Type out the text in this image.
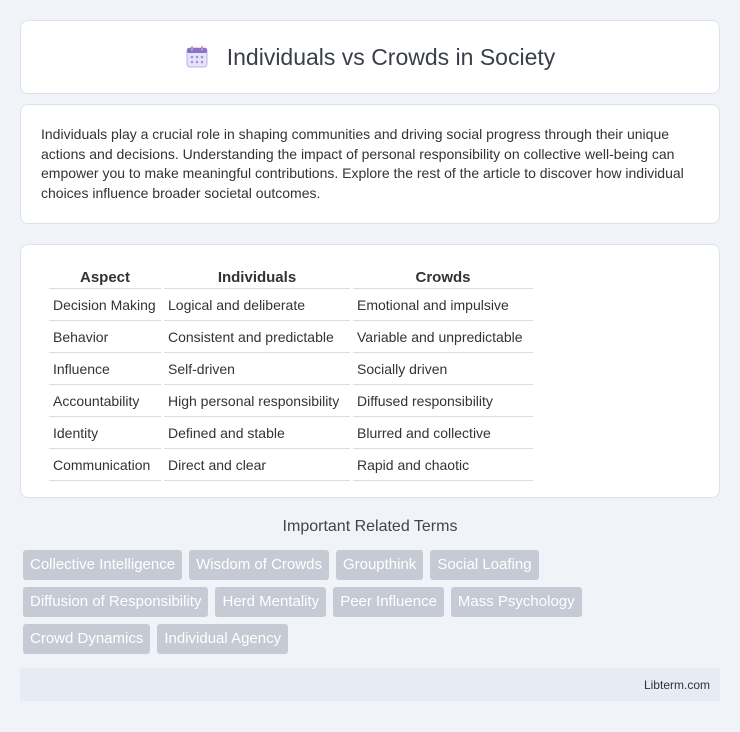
Individuals vs Crowds in Society

Individuals play a crucial role in shaping communities and driving social progress through their unique actions and decisions. Understanding the impact of personal responsibility on collective well-being can empower you to make meaningful contributions. Explore the rest of the article to discover how individual choices influence broader societal outcomes.

Aspect	Individuals	Crowds
Decision Making	Logical and deliberate	Emotional and impulsive
Behavior	Consistent and predictable	Variable and unpredictable
Influence	Self-driven	Socially driven
Accountability	High personal responsibility	Diffused responsibility
Identity	Defined and stable	Blurred and collective
Communication	Direct and clear	Rapid and chaotic
Important Related Terms
Collective Intelligence	Wisdom of Crowds	Groupthink	Social Loafing
Diffusion of Responsibility	Herd Mentality	Peer Influence	Mass Psychology
Crowd Dynamics	Individual Agency
Libterm.com
